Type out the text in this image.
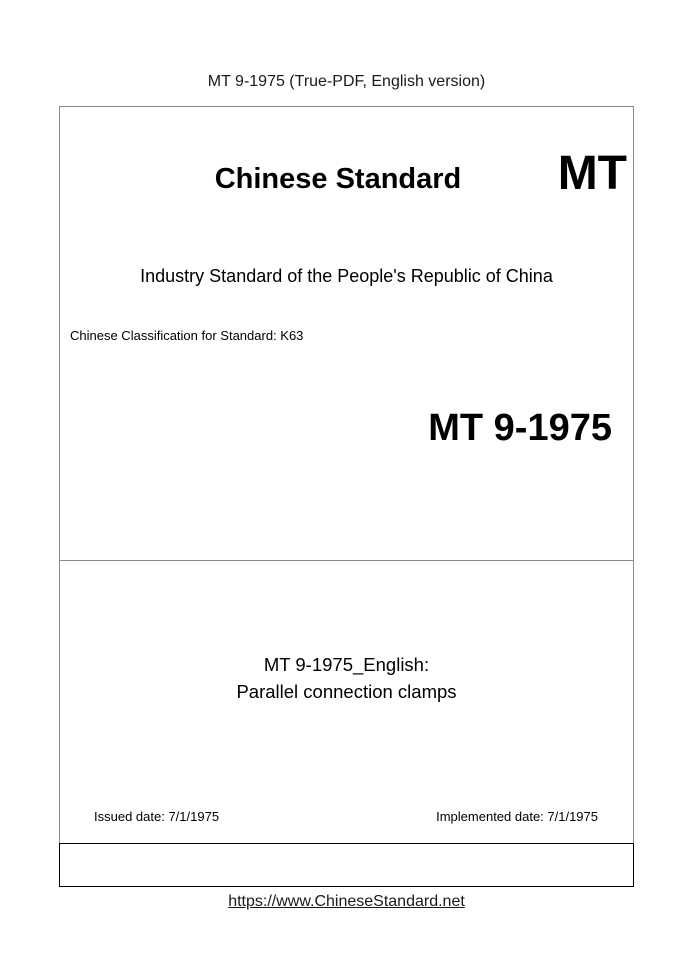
MT 9-1975 (True-PDF, English version)
Chinese Standard	MT
Industry Standard of the People's Republic of China
Chinese Classification for Standard: K63
MT 9-1975
MT 9-1975_English:
Parallel connection clamps
Issued date: 7/1/1975	Implemented date: 7/1/1975
https://www.ChineseStandard.net
